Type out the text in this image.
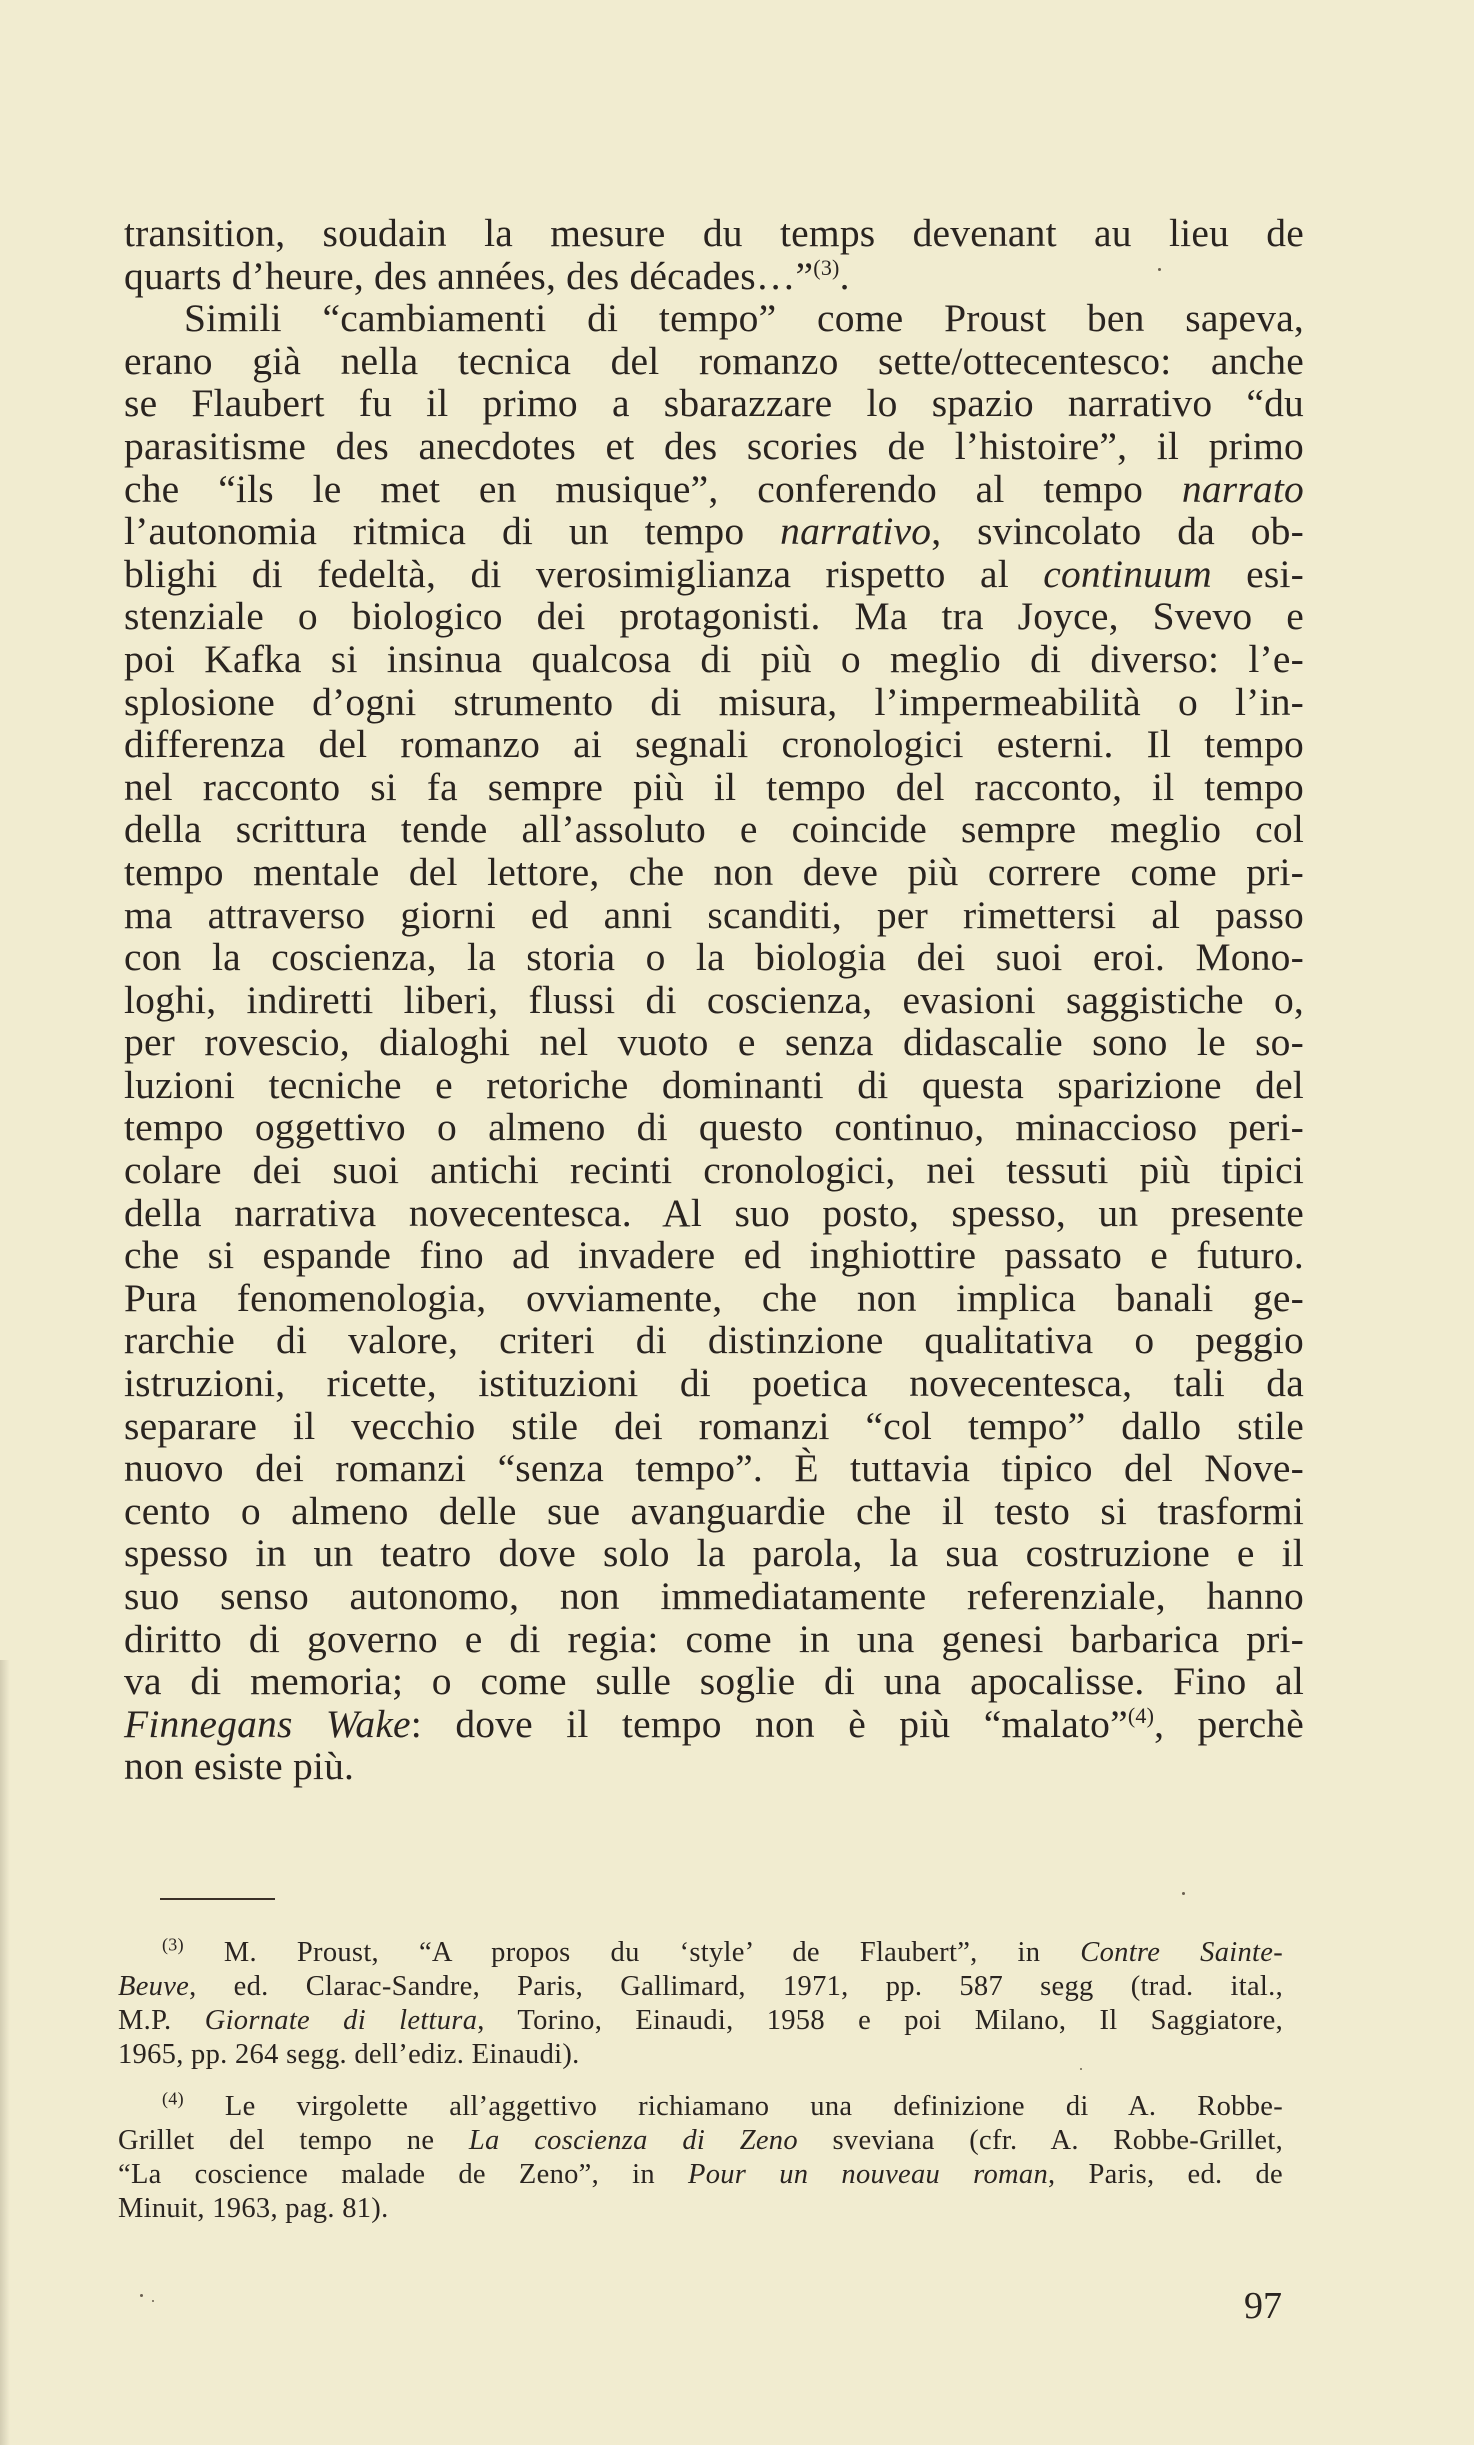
transition, soudain la mesure du temps devenant au lieu de
quarts d’heure, des années, des décades…”$^{(3)}$.
Simili “cambiamenti di tempo” come Proust ben sapeva,
erano già nella tecnica del romanzo sette/ottecentesco: anche
se Flaubert fu il primo a sbarazzare lo spazio narrativo “du
parasitisme des anecdotes et des scories de l’histoire”, il primo
che “ils le met en musique”, conferendo al tempo narrato
l’autonomia ritmica di un tempo narrativo, svincolato da ob-
blighi di fedeltà, di verosimiglianza rispetto al continuum esi-
stenziale o biologico dei protagonisti. Ma tra Joyce, Svevo e
poi Kafka si insinua qualcosa di più o meglio di diverso: l’e-
splosione d’ogni strumento di misura, l’impermeabilità o l’in-
differenza del romanzo ai segnali cronologici esterni. Il tempo
nel racconto si fa sempre più il tempo del racconto, il tempo
della scrittura tende all’assoluto e coincide sempre meglio col
tempo mentale del lettore, che non deve più correre come pri-
ma attraverso giorni ed anni scanditi, per rimettersi al passo
con la coscienza, la storia o la biologia dei suoi eroi. Mono-
loghi, indiretti liberi, flussi di coscienza, evasioni saggistiche o,
per rovescio, dialoghi nel vuoto e senza didascalie sono le so-
luzioni tecniche e retoriche dominanti di questa sparizione del
tempo oggettivo o almeno di questo continuo, minaccioso peri-
colare dei suoi antichi recinti cronologici, nei tessuti più tipici
della narrativa novecentesca. Al suo posto, spesso, un presente
che si espande fino ad invadere ed inghiottire passato e futuro.
Pura fenomenologia, ovviamente, che non implica banali ge-
rarchie di valore, criteri di distinzione qualitativa o peggio
istruzioni, ricette, istituzioni di poetica novecentesca, tali da
separare il vecchio stile dei romanzi “col tempo” dallo stile
nuovo dei romanzi “senza tempo”. È tuttavia tipico del Nove-
cento o almeno delle sue avanguardie che il testo si trasformi
spesso in un teatro dove solo la parola, la sua costruzione e il
suo senso autonomo, non immediatamente referenziale, hanno
diritto di governo e di regia: come in una genesi barbarica pri-
va di memoria; o come sulle soglie di una apocalisse. Fino al
Finnegans Wake: dove il tempo non è più “malato”$^{(4)}$, perchè
non esiste più.
$^{(3)}$ M. Proust, “A propos du ‘style’ de Flaubert”, in Contre Sainte-
Beuve, ed. Clarac-Sandre, Paris, Gallimard, 1971, pp. 587 segg (trad. ital.,
M.P. Giornate di lettura, Torino, Einaudi, 1958 e poi Milano, Il Saggiatore,
1965, pp. 264 segg. dell’ediz. Einaudi).
$^{(4)}$ Le virgolette all’aggettivo richiamano una definizione di A. Robbe-
Grillet del tempo ne La coscienza di Zeno sveviana (cfr. A. Robbe-Grillet,
“La coscience malade de Zeno”, in Pour un nouveau roman, Paris, ed. de
Minuit, 1963, pag. 81).
97
